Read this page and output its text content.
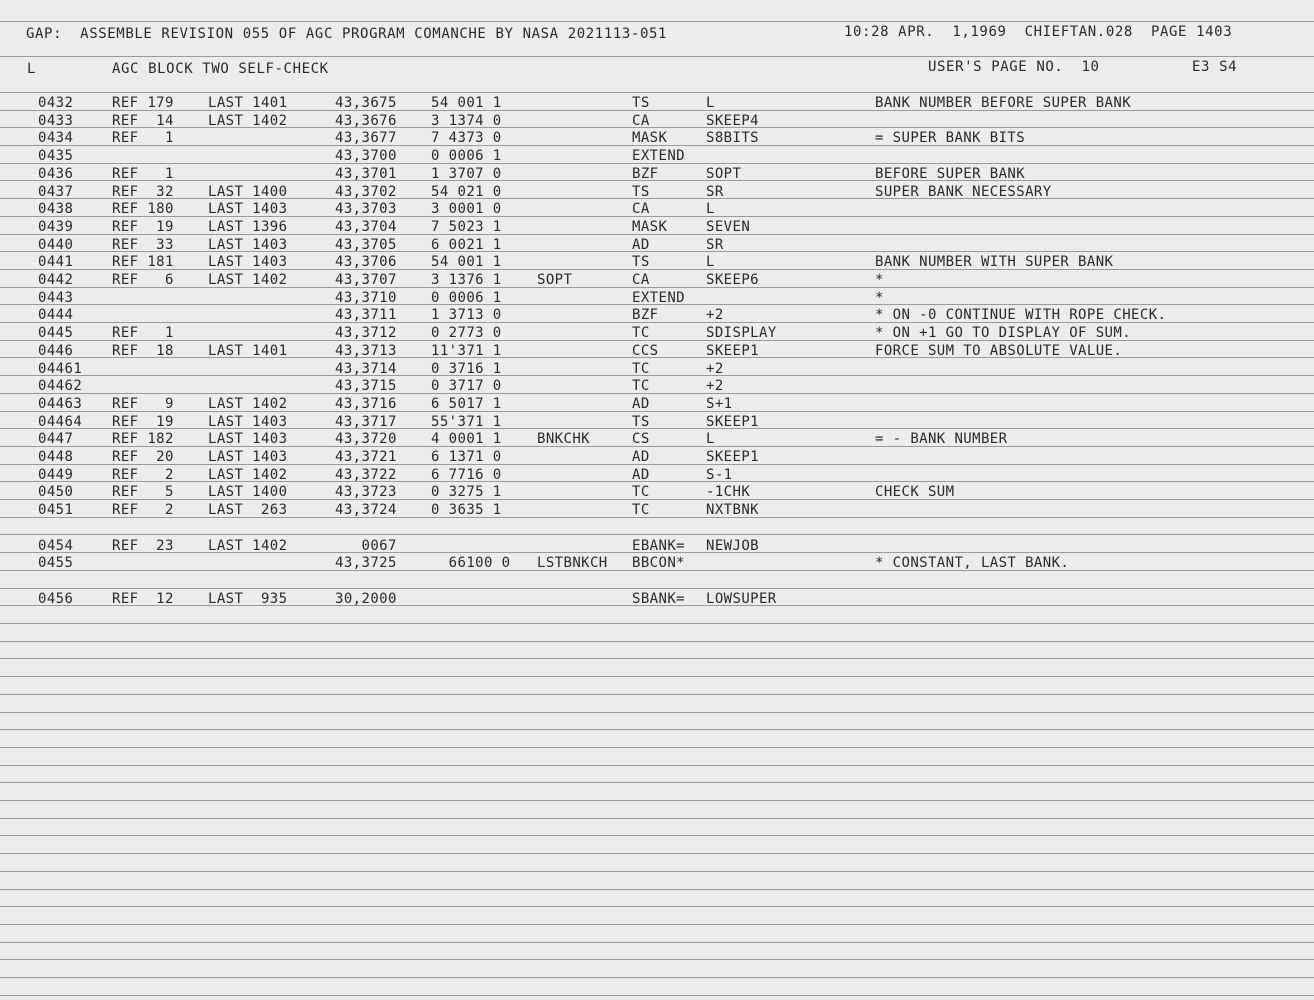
GAP:  ASSEMBLE REVISION 055 OF AGC PROGRAM COMANCHE BY NASA 2021113-051	10:28 APR.  1,1969  CHIEFTAN.028  PAGE 1403
L	AGC BLOCK TWO SELF-CHECK	USER'S PAGE NO.  10	E3 S4
0432	REF 179 LAST 1401	43,3675 54 001 1	TS	L	BANK NUMBER BEFORE SUPER BANK
0433	REF  14 LAST 1402	43,3676 3 1374 0	CA	SKEEP4
0434	REF   1	43,3677 7 4373 0	MASK	S8BITS	= SUPER BANK BITS
0435	43,3700 0 0006 1	EXTEND
0436	REF   1	43,3701 1 3707 0	BZF	SOPT	BEFORE SUPER BANK
0437	REF  32 LAST 1400	43,3702 54 021 0	TS	SR	SUPER BANK NECESSARY
0438	REF 180 LAST 1403	43,3703 3 0001 0	CA	L
0439	REF  19 LAST 1396	43,3704 7 5023 1	MASK	SEVEN
0440	REF  33 LAST 1403	43,3705 6 0021 1	AD	SR
0441	REF 181 LAST 1403	43,3706 54 001 1	TS	L	BANK NUMBER WITH SUPER BANK
0442	REF   6 LAST 1402	43,3707 3 1376 1	SOPT	CA	SKEEP6	*
0443	43,3710 0 0006 1	EXTEND	*
0444	43,3711 1 3713 0	BZF	+2	* ON -0 CONTINUE WITH ROPE CHECK.
0445	REF   1	43,3712 0 2773 0	TC	SDISPLAY	* ON +1 GO TO DISPLAY OF SUM.
0446	REF  18 LAST 1401	43,3713 11'371 1	CCS	SKEEP1	FORCE SUM TO ABSOLUTE VALUE.
04461	43,3714 0 3716 1	TC	+2
04462	43,3715 0 3717 0	TC	+2
04463 REF   9 LAST 1402	43,3716 6 5017 1	AD	S+1
04464 REF  19 LAST 1403	43,3717 55'371 1	TS	SKEEP1
0447	REF 182 LAST 1403	43,3720 4 0001 1	BNKCHK	CS	L	= - BANK NUMBER
0448	REF  20 LAST 1403	43,3721 6 1371 0	AD	SKEEP1
0449	REF   2 LAST 1402	43,3722 6 7716 0	AD	S-1
0450	REF   5 LAST 1400	43,3723 0 3275 1	TC	-1CHK	CHECK SUM
0451	REF   2 LAST  263	43,3724 0 3635 1	TC	NXTBNK
0454	REF  23 LAST 1402	0067	EBANK= NEWJOB
0455	43,3725 66100 0 LSTBNKCH BBCON*	* CONSTANT, LAST BANK.
0456	REF  12 LAST  935	30,2000	SBANK= LOWSUPER
